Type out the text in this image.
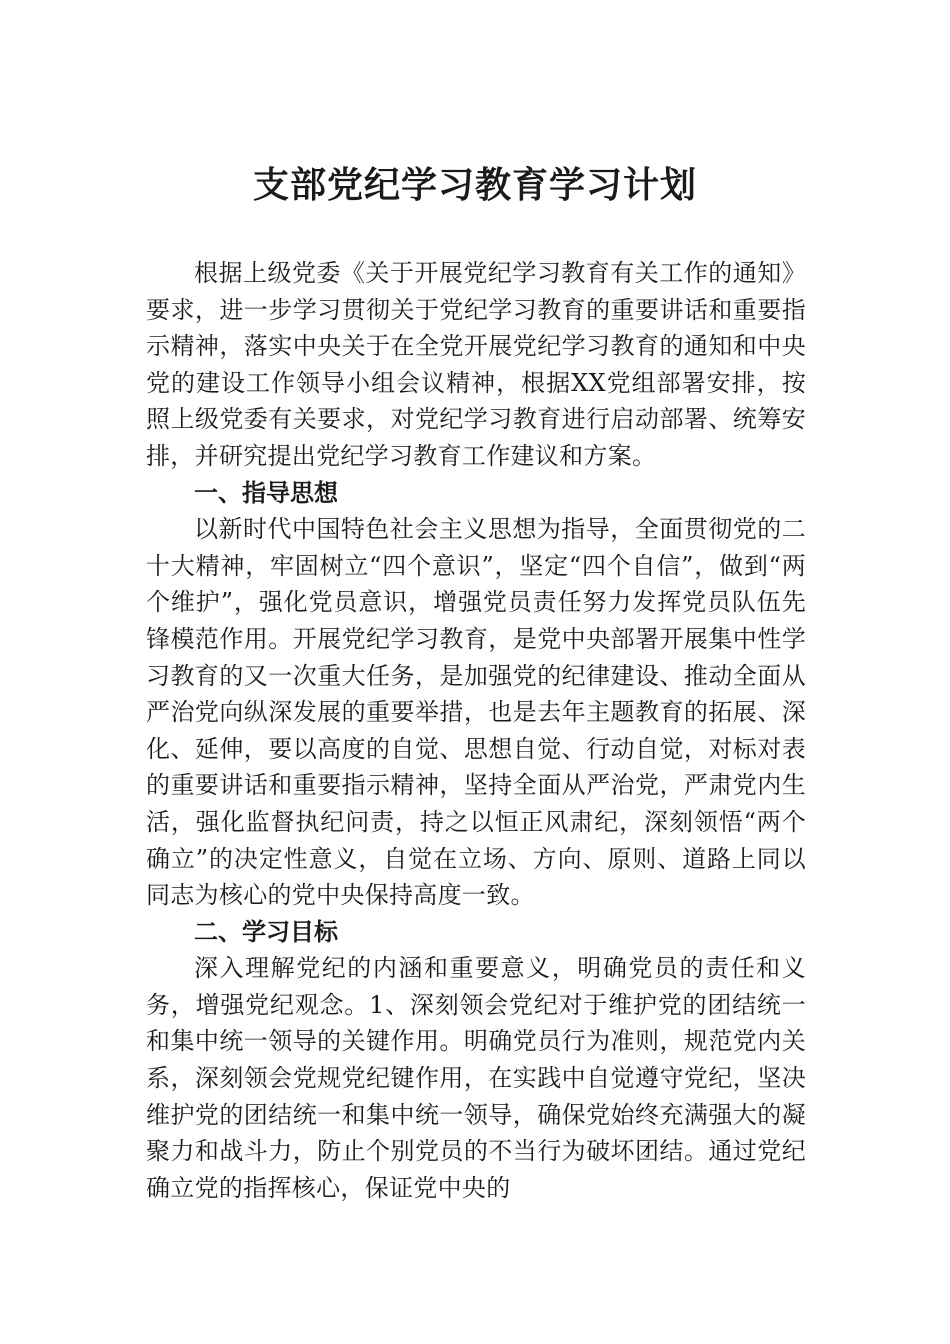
支部党纪学习教育学习计划

根据上级党委《关于开展党纪学习教育有关工作的通知》要求，进一步学习贯彻关于党纪学习教育的重要讲话和重要指示精神，落实中央关于在全党开展党纪学习教育的通知和中央党的建设工作领导小组会议精神，根据XX党组部署安排，按照上级党委有关要求，对党纪学习教育进行启动部署、统筹安排，并研究提出党纪学习教育工作建议和方案。

一、指导思想

以新时代中国特色社会主义思想为指导，全面贯彻党的二十大精神，牢固树立“四个意识”，坚定“四个自信”，做到“两个维护”，强化党员意识，增强党员责任努力发挥党员队伍先锋模范作用。开展党纪学习教育，是党中央部署开展集中性学习教育的又一次重大任务，是加强党的纪律建设、推动全面从严治党向纵深发展的重要举措，也是去年主题教育的拓展、深化、延伸，要以高度的自觉、思想自觉、行动自觉，对标对表的重要讲话和重要指示精神，坚持全面从严治党，严肃党内生活，强化监督执纪问责，持之以恒正风肃纪，深刻领悟“两个确立”的决定性意义，自觉在立场、方向、原则、道路上同以同志为核心的党中央保持高度一致。

二、学习目标

深入理解党纪的内涵和重要意义，明确党员的责任和义务，增强党纪观念。1、深刻领会党纪对于维护党的团结统一和集中统一领导的关键作用。明确党员行为准则，规范党内关系，深刻领会党规党纪键作用，在实践中自觉遵守党纪，坚决维护党的团结统一和集中统一领导，确保党始终充满强大的凝聚力和战斗力，防止个别党员的不当行为破坏团结。通过党纪确立党的指挥核心，保证党中央的
